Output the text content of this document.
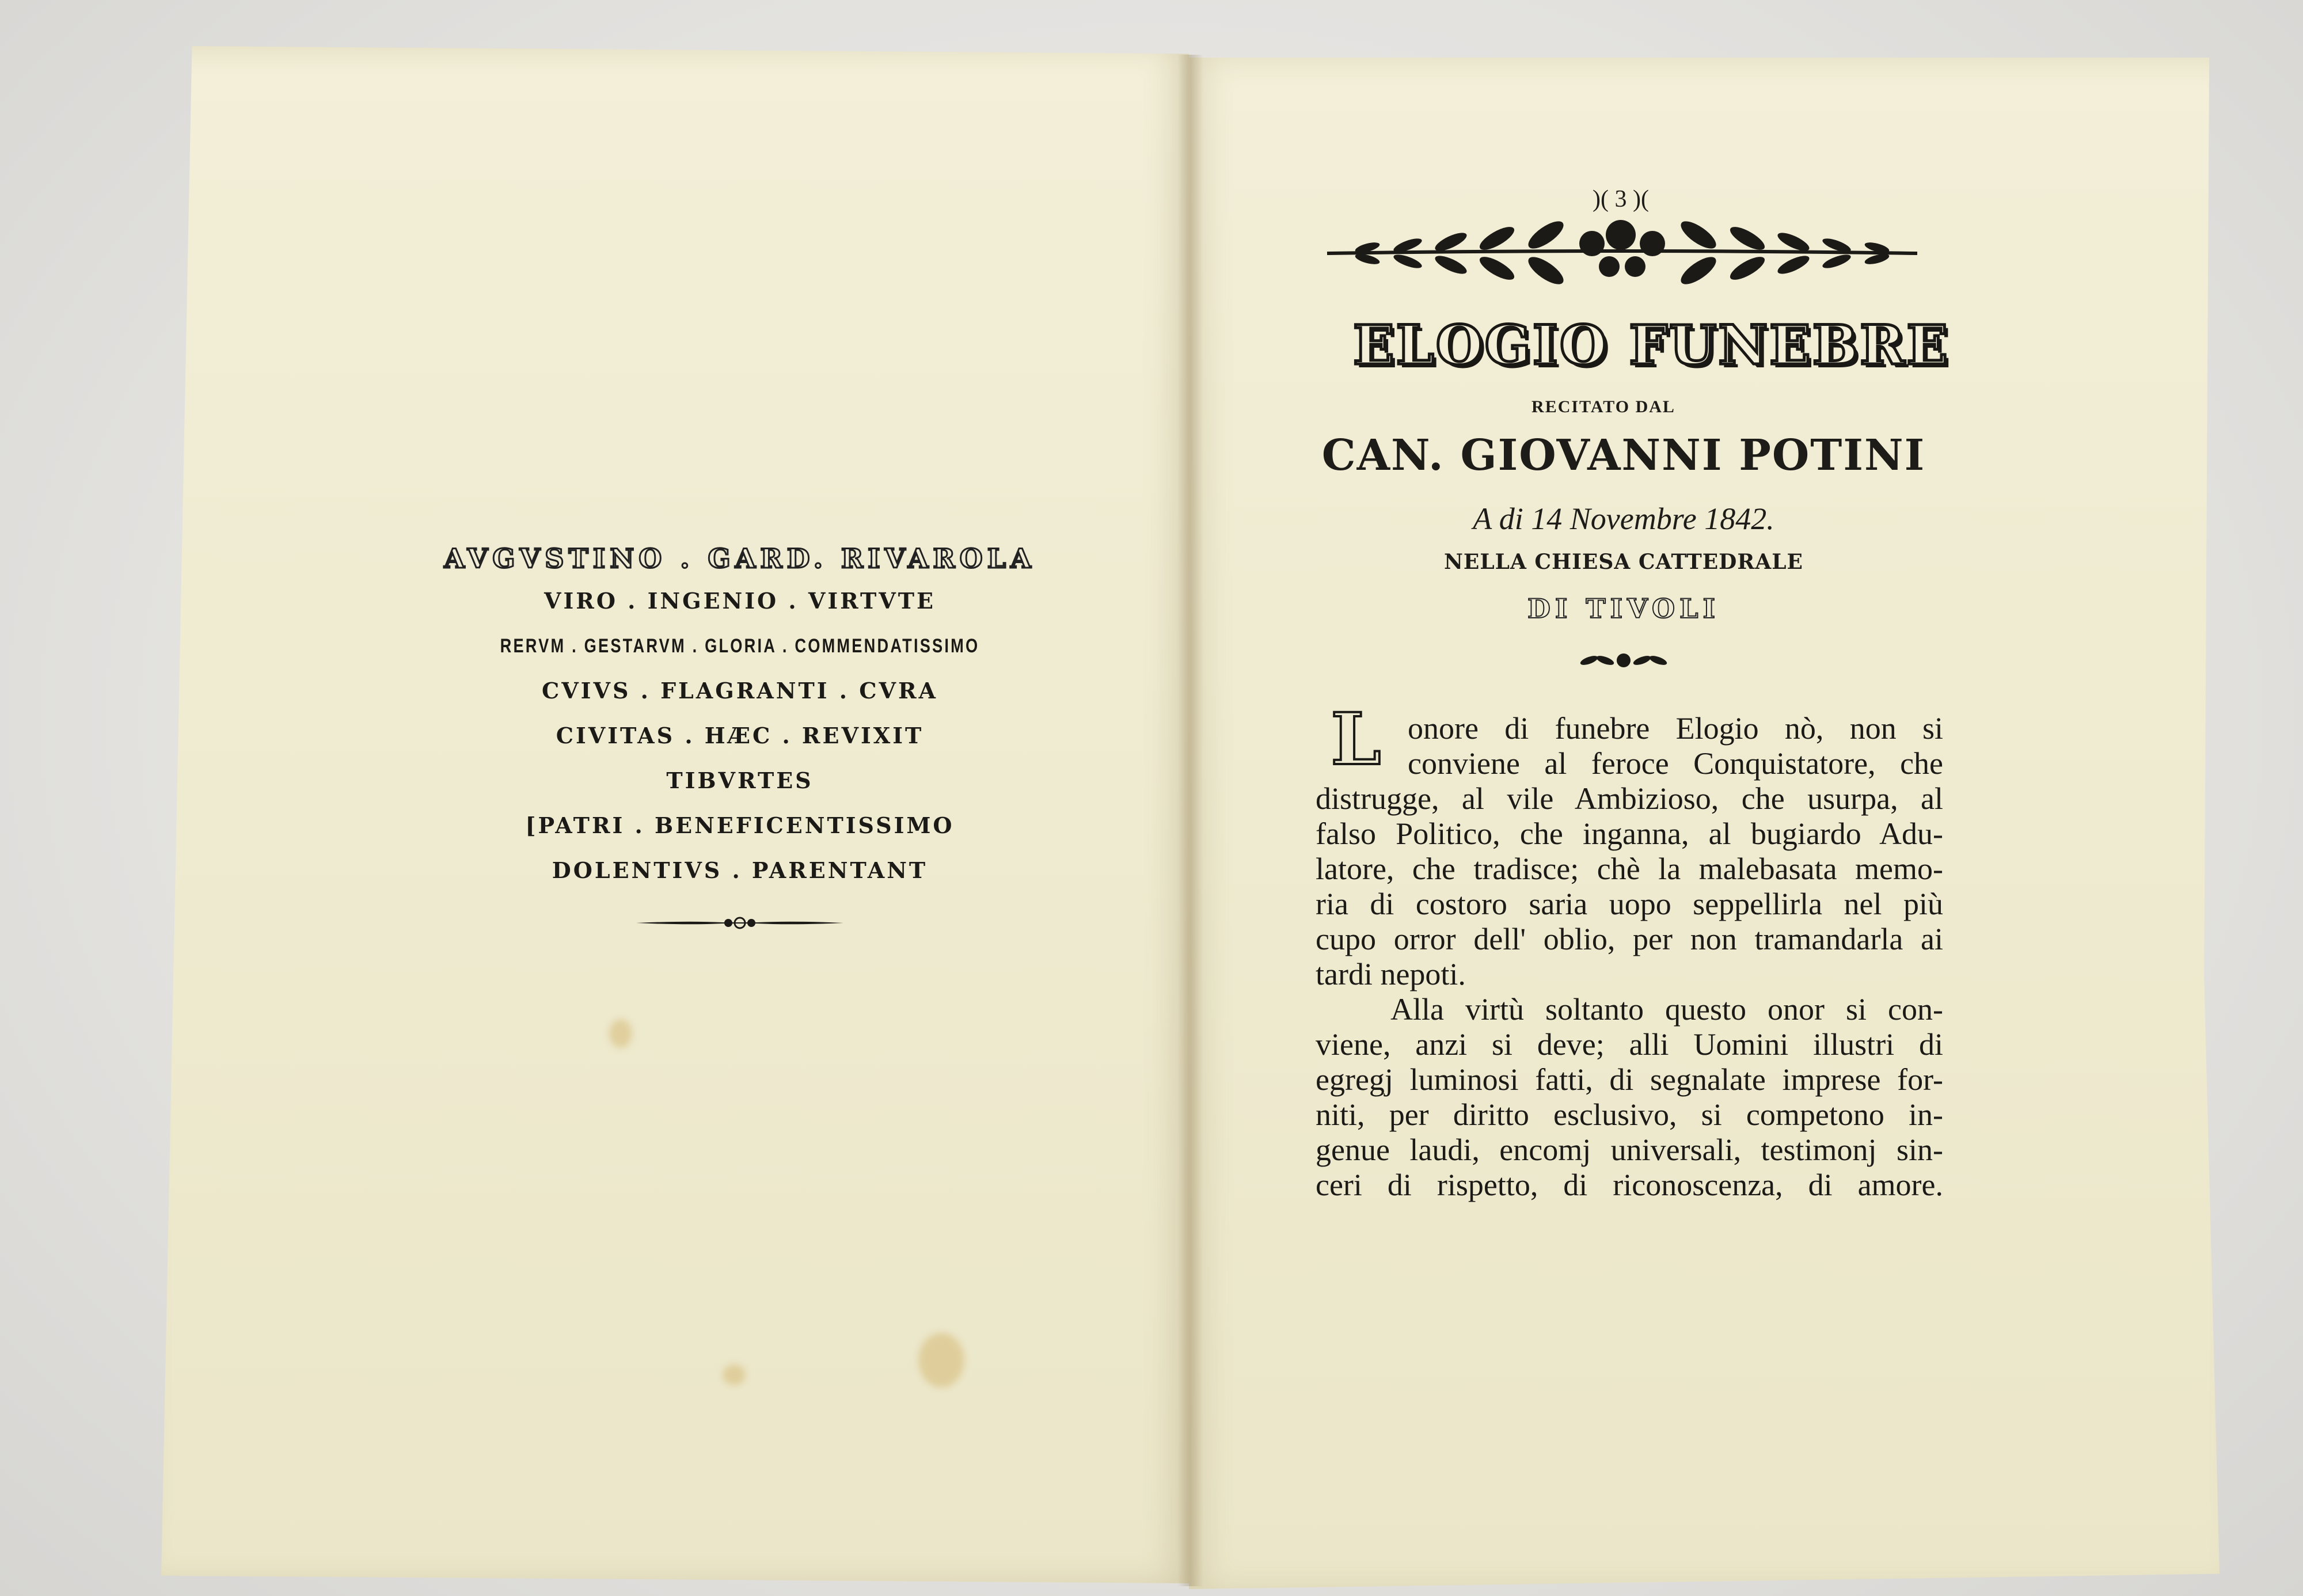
AVGVSTINO . GARD. RIVAROLA
VIRO . INGENIO . VIRTVTE
RERVM . GESTARVM . GLORIA . COMMENDATISSIMO
CVIVS . FLAGRANTI . CVRA
CIVITAS . HÆC . REVIXIT
TIBVRTES
[PATRI . BENEFICENTISSIMO
DOLENTIVS . PARENTANT
)( 3 )(
ELOGIO FUNEBRE
RECITATO DAL
CAN. GIOVANNI POTINI
A di 14 Novembre 1842.
NELLA CHIESA CATTEDRALE
DI TIVOLI
L onore di funebre Elogio nò, non si
conviene al feroce Conquistatore, che
distrugge, al vile Ambizioso, che usurpa, al
falso Politico, che inganna, al bugiardo Adu-
latore, che tradisce; chè la malebasata memo-
ria di costoro saria uopo seppellirla nel più
cupo orror dell' oblio, per non tramandarla ai
tardi nepoti.
Alla virtù soltanto questo onor si con-
viene, anzi si deve; alli Uomini illustri di
egregj luminosi fatti, di segnalate imprese for-
niti, per diritto esclusivo, si competono in-
genue laudi, encomj universali, testimonj sin-
ceri di rispetto, di riconoscenza, di amore.
